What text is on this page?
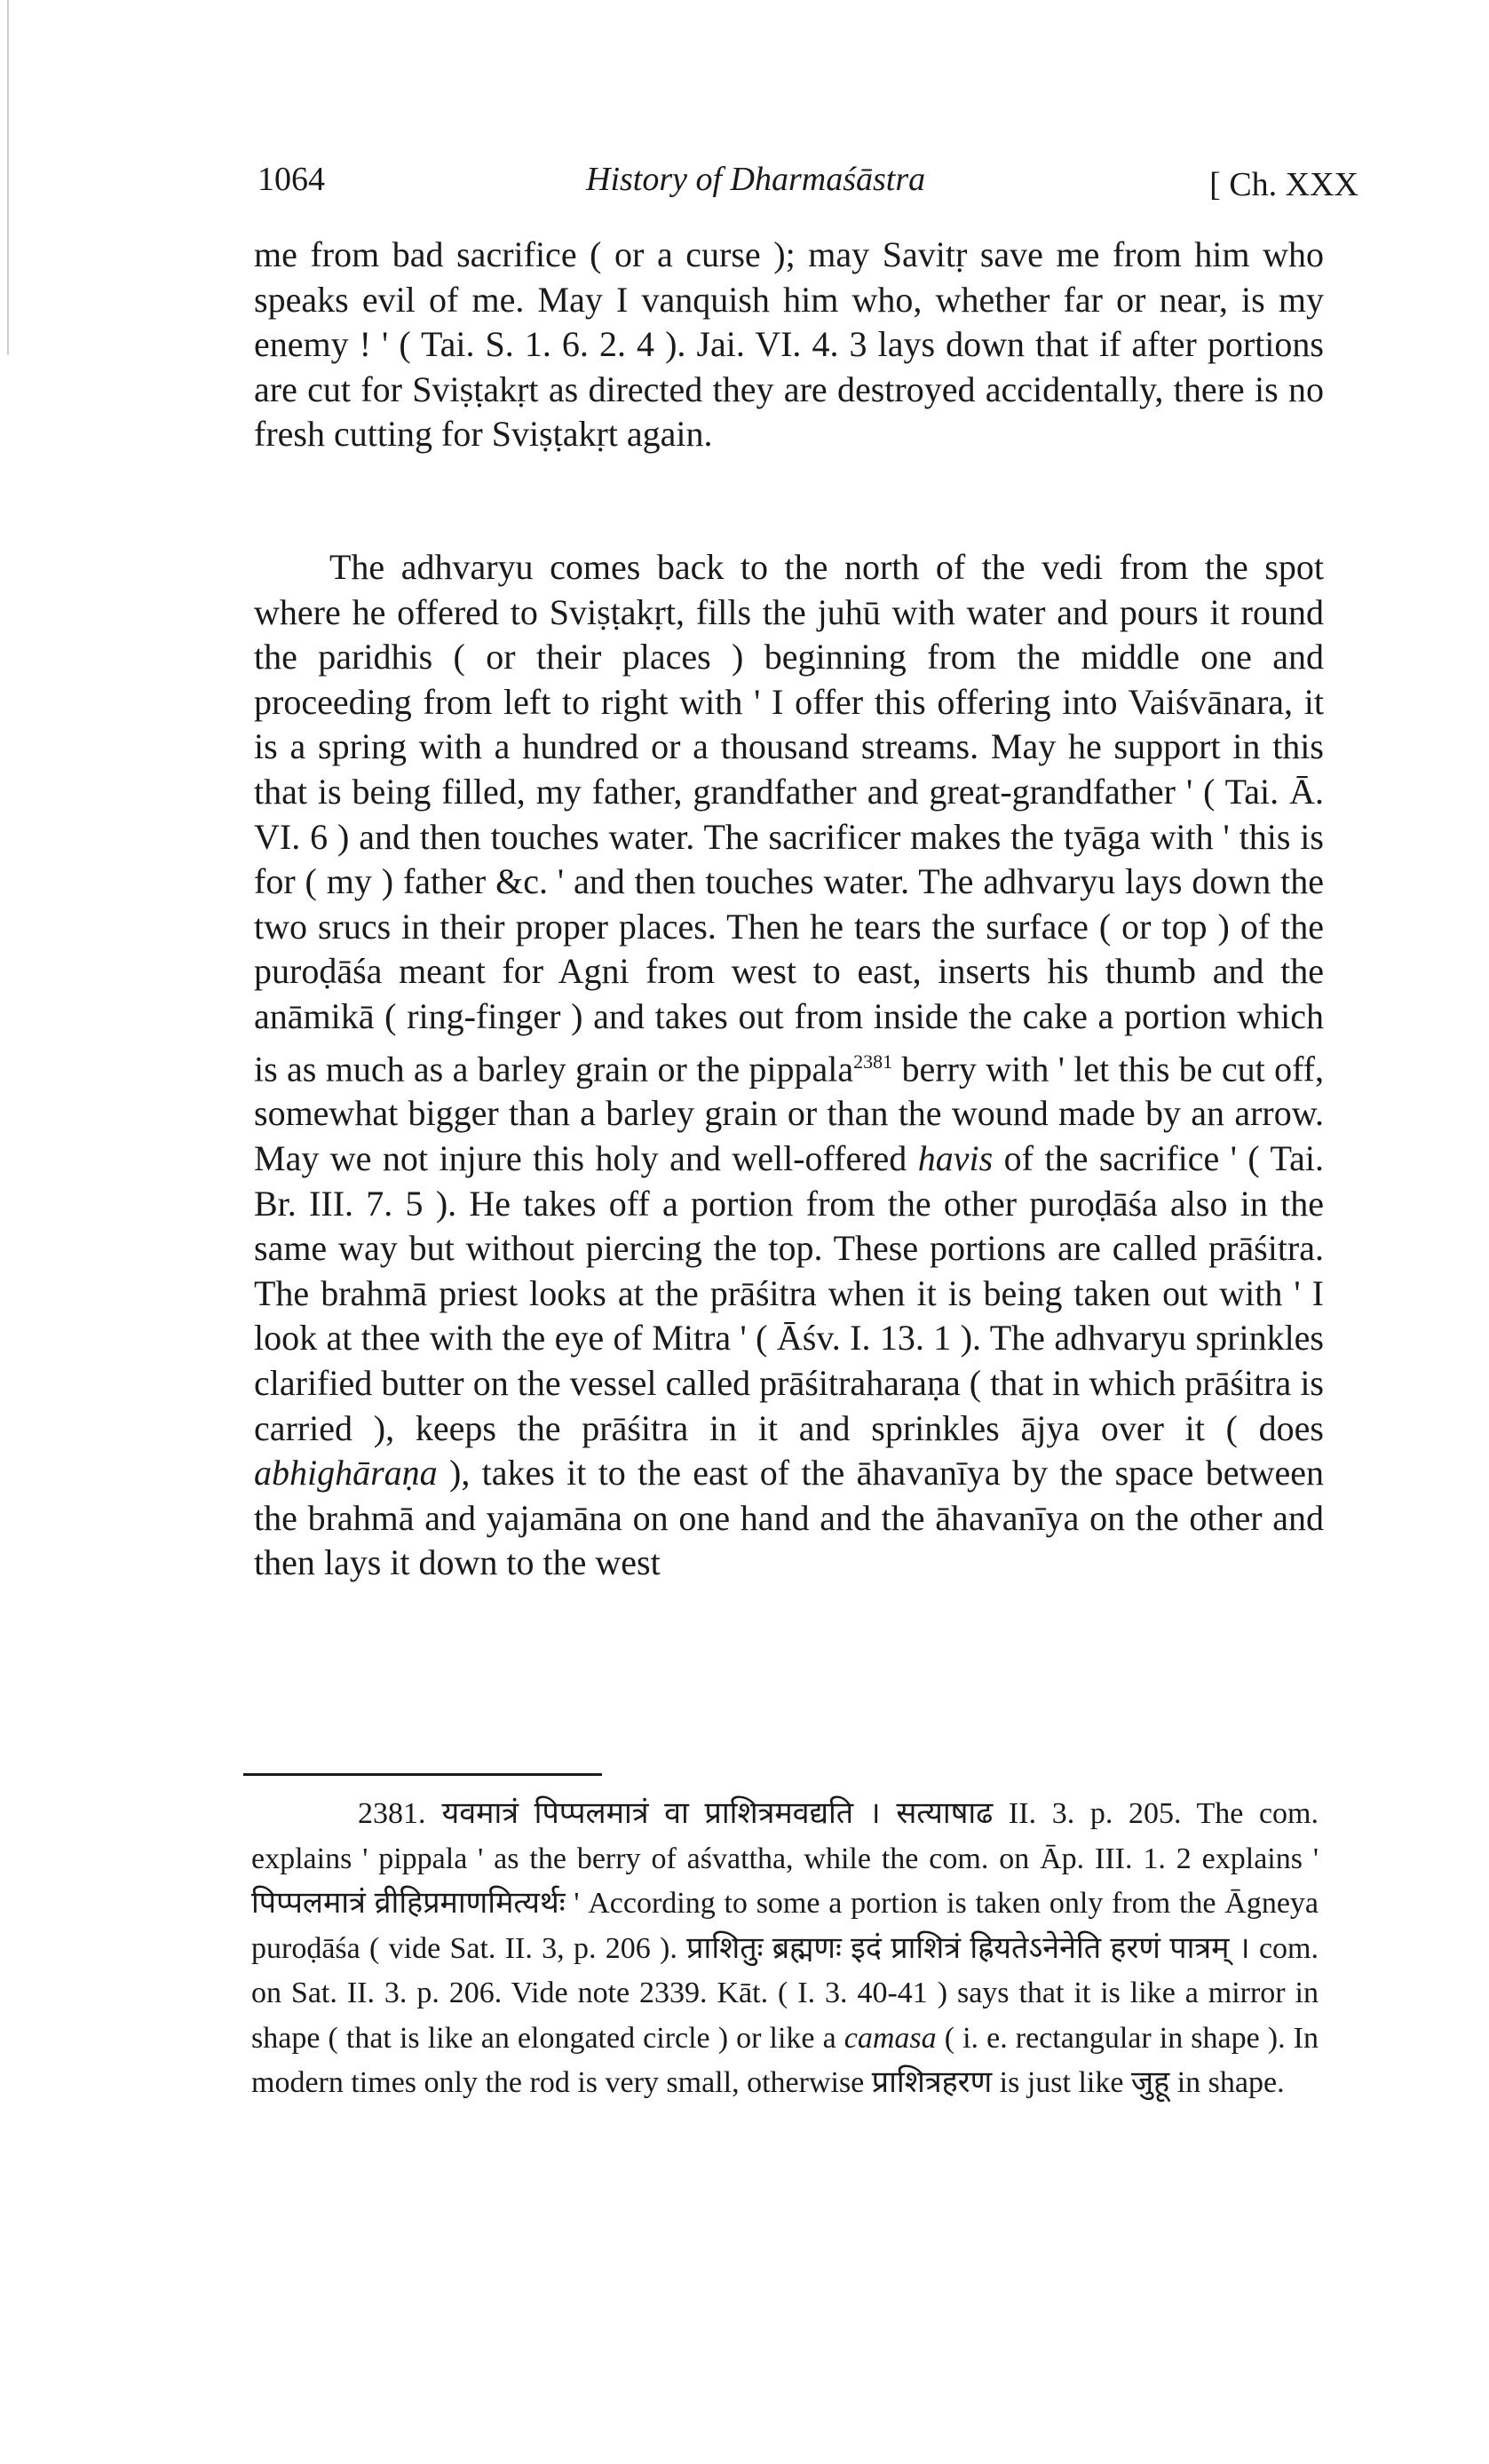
1064	History of Dharmaśāstra	[ Ch. XXX

me from bad sacrifice ( or a curse ); may Savitṛ save me from him who speaks evil of me. May I vanquish him who, whether far or near, is my enemy ! ' ( Tai. S. 1. 6. 2. 4 ). Jai. VI. 4. 3 lays down that if after portions are cut for Sviṣṭakṛt as directed they are destroyed accidentally, there is no fresh cutting for Sviṣṭakṛt again.

The adhvaryu comes back to the north of the vedi from the spot where he offered to Sviṣṭakṛt, fills the juhū with water and pours it round the paridhis ( or their places ) beginning from the middle one and proceeding from left to right with ' I offer this offering into Vaiśvānara, it is a spring with a hundred or a thousand streams. May he support in this that is being filled, my father, grandfather and great-grandfather ' ( Tai. Ā. VI. 6 ) and then touches water. The sacrificer makes the tyāga with ' this is for ( my ) father &c. ' and then touches water. The adhvaryu lays down the two srucs in their proper places. Then he tears the surface ( or top ) of the puroḍāśa meant for Agni from west to east, inserts his thumb and the anāmikā ( ring-finger ) and takes out from inside the cake a portion which is as much as a barley grain or the pippala$^{2381}$ berry with ' let this be cut off, somewhat bigger than a barley grain or than the wound made by an arrow. May we not injure this holy and well-offered havis of the sacrifice ' ( Tai. Br. III. 7. 5 ). He takes off a portion from the other puroḍāśa also in the same way but without piercing the top. These portions are called prāśitra. The brahmā priest looks at the prāśitra when it is being taken out with ' I look at thee with the eye of Mitra ' ( Āśv. I. 13. 1 ). The adhvaryu sprinkles clarified butter on the vessel called prāśitraharaṇa ( that in which prāśitra is carried ), keeps the prāśitra in it and sprinkles ājya over it ( does abhighāraṇa ), takes it to the east of the āhavanīya by the space between the brahmā and yajamāna on one hand and the āhavanīya on the other and then lays it down to the west

2381. यवमात्रं पिप्पलमात्रं वा प्राशित्रमवद्यति । सत्याषाढ II. 3. p. 205. The com. explains ' pippala ' as the berry of aśvattha, while the com. on Āp. III. 1. 2 explains ' पिप्पलमात्रं व्रीहिप्रमाणमित्यर्थः ' According to some a portion is taken only from the Āgneya puroḍāśa ( vide Sat. II. 3, p. 206 ). प्राशितुः ब्रह्मणः इदं प्राशित्रं ह्रियतेऽनेनेति हरणं पात्रम् । com. on Sat. II. 3. p. 206. Vide note 2339. Kāt. ( I. 3. 40-41 ) says that it is like a mirror in shape ( that is like an elongated circle ) or like a camasa ( i. e. rectangular in shape ). In modern times only the rod is very small, otherwise प्राशित्रहरण is just like जुहू in shape.
